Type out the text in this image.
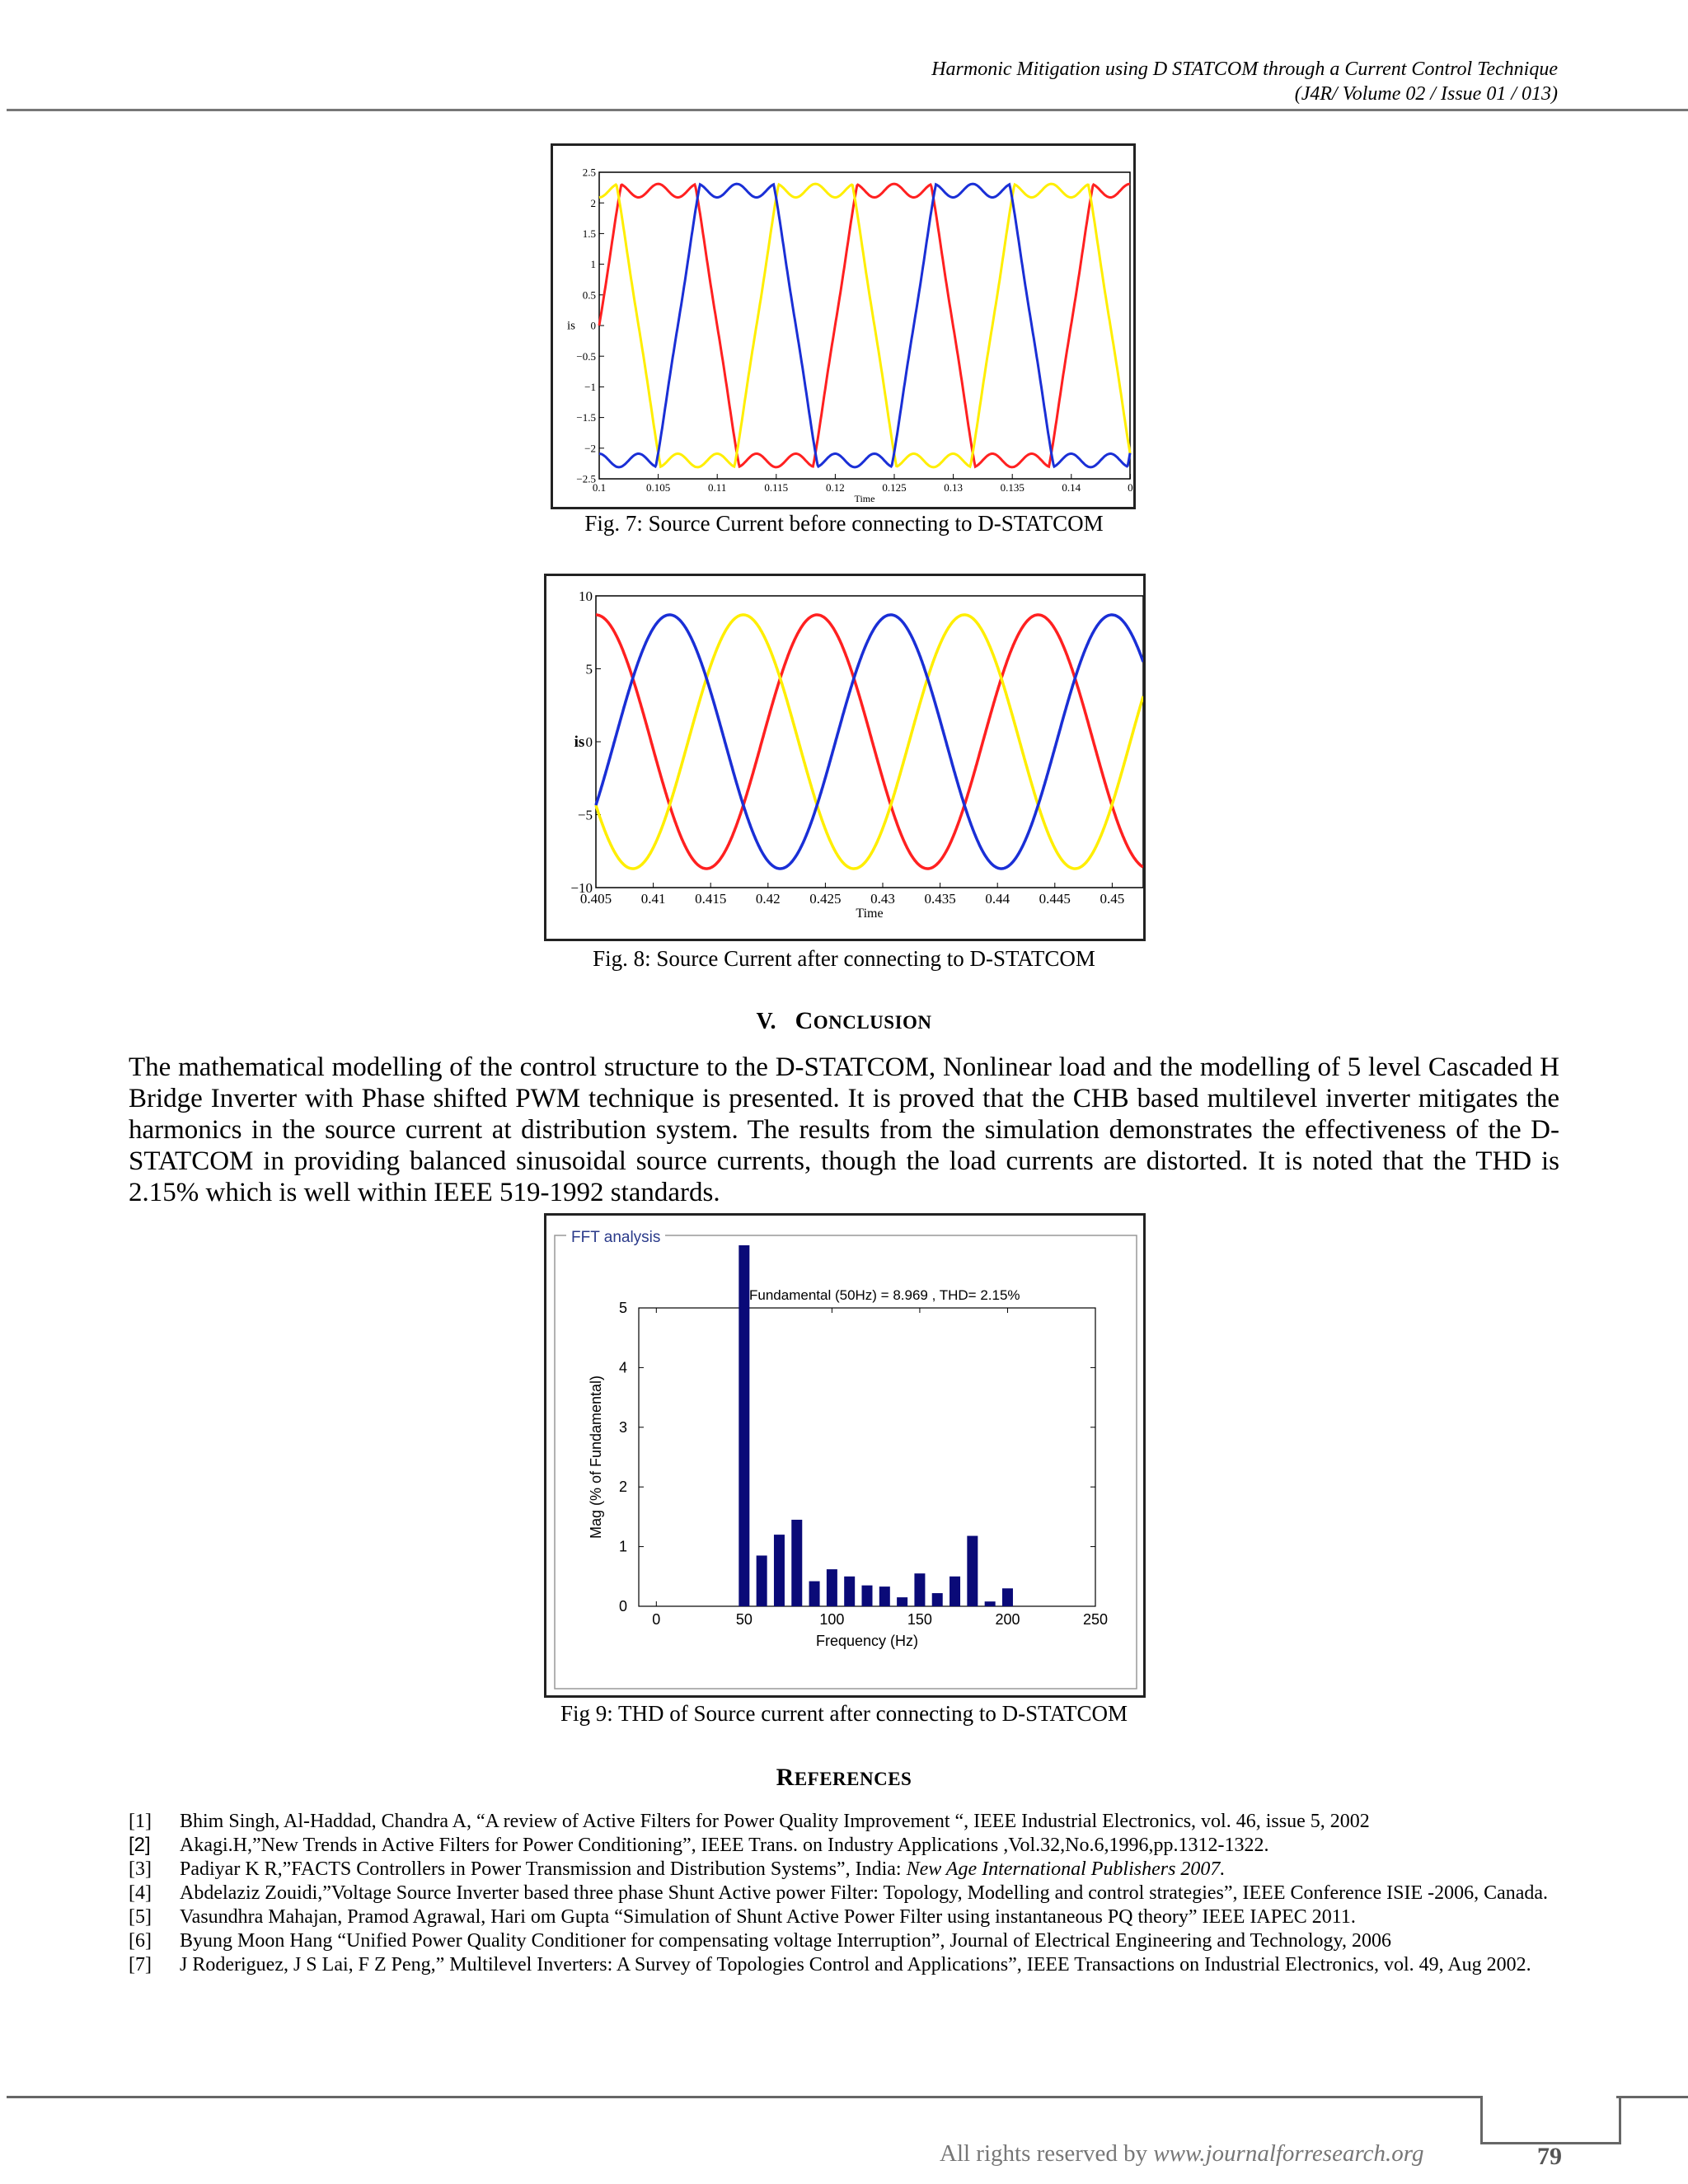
Harmonic Mitigation using D STATCOM through a Current Control Technique
(J4R/ Volume 02 / Issue 01 / 013)
2.5
2
1.5
1
0.5
0
−0.5
−1
−1.5
−2
−2.5
0.1	0.105	0.11	0.115	0.12	0.125	0.13	0.135	0.14	0
Time
is
Fig. 7: Source Current before connecting to D-STATCOM
10
5
0
−5
−10
0.405 0.41 0.415 0.42 0.425 0.43 0.435 0.44 0.445 0.45
Time
is
Fig. 8: Source Current after connecting to D-STATCOM
V. CONCLUSION
The mathematical modelling of the control structure to the D-STATCOM, Nonlinear load and the modelling of 5 level Cascaded H Bridge Inverter with Phase shifted PWM technique is presented. It is proved that the CHB based multilevel inverter mitigates the harmonics in the source current at distribution system. The results from the simulation demonstrates the effectiveness of the D-STATCOM in providing balanced sinusoidal source currents, though the load currents are distorted. It is noted that the THD is 2.15% which is well within IEEE 519-1992 standards.
FFT analysis
0
1
2
3
4
5
0	50	100	150	200	250
Fundamental (50Hz) = 8.969 , THD= 2.15%
Frequency (Hz)
Mag (% of Fundamental)
Fig 9: THD of Source current after connecting to D-STATCOM
REFERENCES
[1]	Bhim Singh, Al-Haddad, Chandra A, “A review of Active Filters for Power Quality Improvement “, IEEE Industrial Electronics, vol. 46, issue 5, 2002
[2]	Akagi.H,”New Trends in Active Filters for Power Conditioning”, IEEE Trans. on Industry Applications ,Vol.32,No.6,1996,pp.1312-1322.
[3]	Padiyar K R,”FACTS Controllers in Power Transmission and Distribution Systems”, India: New Age International Publishers 2007.
[4]	Abdelaziz Zouidi,”Voltage Source Inverter based three phase Shunt Active power Filter: Topology, Modelling and control strategies”, IEEE Conference ISIE -2006, Canada.
[5]	Vasundhra Mahajan, Pramod Agrawal, Hari om Gupta “Simulation of Shunt Active Power Filter using instantaneous PQ theory” IEEE IAPEC 2011.
[6]	Byung Moon Hang “Unified Power Quality Conditioner for compensating voltage Interruption”, Journal of Electrical Engineering and Technology, 2006
[7]	J Roderiguez, J S Lai, F Z Peng,” Multilevel Inverters: A Survey of Topologies Control and Applications”, IEEE Transactions on Industrial Electronics, vol. 49, Aug 2002.
All rights reserved by www.journalforresearch.org	79
